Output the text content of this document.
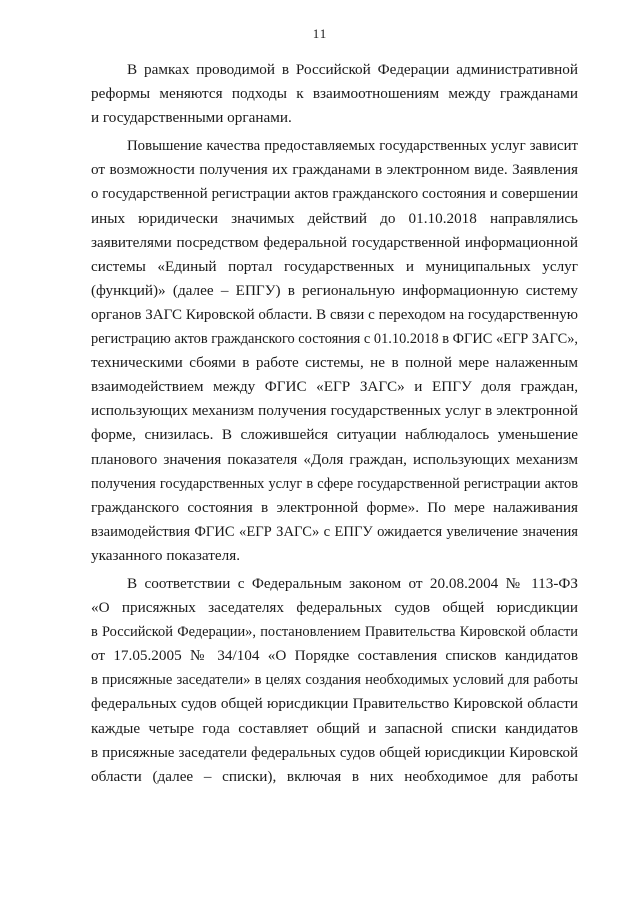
11
В рамках проводимой в Российской Федерации административной
реформы меняются подходы к взаимоотношениям между гражданами
и государственными органами.
Повышение качества предоставляемых государственных услуг зависит
от возможности получения их гражданами в электронном виде. Заявления
о государственной регистрации актов гражданского состояния и совершении
иных юридически значимых действий до 01.10.2018 направлялись
заявителями посредством федеральной государственной информационной
системы «Единый портал государственных и муниципальных услуг
(функций)» (далее – ЕПГУ) в региональную информационную систему
органов ЗАГС Кировской области. В связи с переходом на государственную
регистрацию актов гражданского состояния с 01.10.2018 в ФГИС «ЕГР ЗАГС»,
техническими сбоями в работе системы, не в полной мере налаженным
взаимодействием между ФГИС «ЕГР ЗАГС» и ЕПГУ доля граждан,
использующих механизм получения государственных услуг в электронной
форме, снизилась. В сложившейся ситуации наблюдалось уменьшение
планового значения показателя «Доля граждан, использующих механизм
получения государственных услуг в сфере государственной регистрации актов
гражданского состояния в электронной форме». По мере налаживания
взаимодействия ФГИС «ЕГР ЗАГС» с ЕПГУ ожидается увеличение значения
указанного показателя.
В соответствии с Федеральным законом от 20.08.2004 № 113-ФЗ
«О присяжных заседателях федеральных судов общей юрисдикции
в Российской Федерации», постановлением Правительства Кировской области
от 17.05.2005 № 34/104 «О Порядке составления списков кандидатов
в присяжные заседатели» в целях создания необходимых условий для работы
федеральных судов общей юрисдикции Правительство Кировской области
каждые четыре года составляет общий и запасной списки кандидатов
в присяжные заседатели федеральных судов общей юрисдикции Кировской
области (далее – списки), включая в них необходимое для работы
